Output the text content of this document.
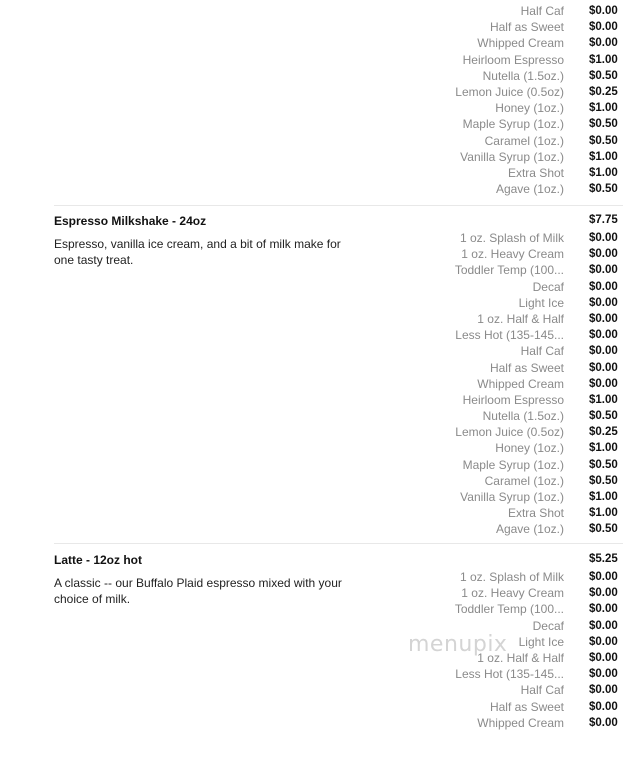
Half Caf $0.00
Half as Sweet $0.00
Whipped Cream $0.00
Heirloom Espresso $1.00
Nutella (1.5oz.) $0.50
Lemon Juice (0.5oz) $0.25
Honey (1oz.) $1.00
Maple Syrup (1oz.) $0.50
Caramel (1oz.) $0.50
Vanilla Syrup (1oz.) $1.00
Extra Shot $1.00
Agave (1oz.) $0.50
Espresso Milkshake - 24oz	$7.75
Espresso, vanilla ice cream, and a bit of milk make for one tasty treat.
1 oz. Splash of Milk $0.00
1 oz. Heavy Cream $0.00
Toddler Temp (100... $0.00
Decaf $0.00
Light Ice $0.00
1 oz. Half & Half $0.00
Less Hot (135-145... $0.00
Half Caf $0.00
Half as Sweet $0.00
Whipped Cream $0.00
Heirloom Espresso $1.00
Nutella (1.5oz.) $0.50
Lemon Juice (0.5oz) $0.25
Honey (1oz.) $1.00
Maple Syrup (1oz.) $0.50
Caramel (1oz.) $0.50
Vanilla Syrup (1oz.) $1.00
Extra Shot $1.00
Agave (1oz.) $0.50
Latte - 12oz hot	$5.25
A classic -- our Buffalo Plaid espresso mixed with your choice of milk.
1 oz. Splash of Milk $0.00
1 oz. Heavy Cream $0.00
Toddler Temp (100... $0.00
Decaf $0.00
Light Ice $0.00
1 oz. Half & Half $0.00
Less Hot (135-145... $0.00
Half Caf $0.00
Half as Sweet $0.00
Whipped Cream $0.00
menupix
